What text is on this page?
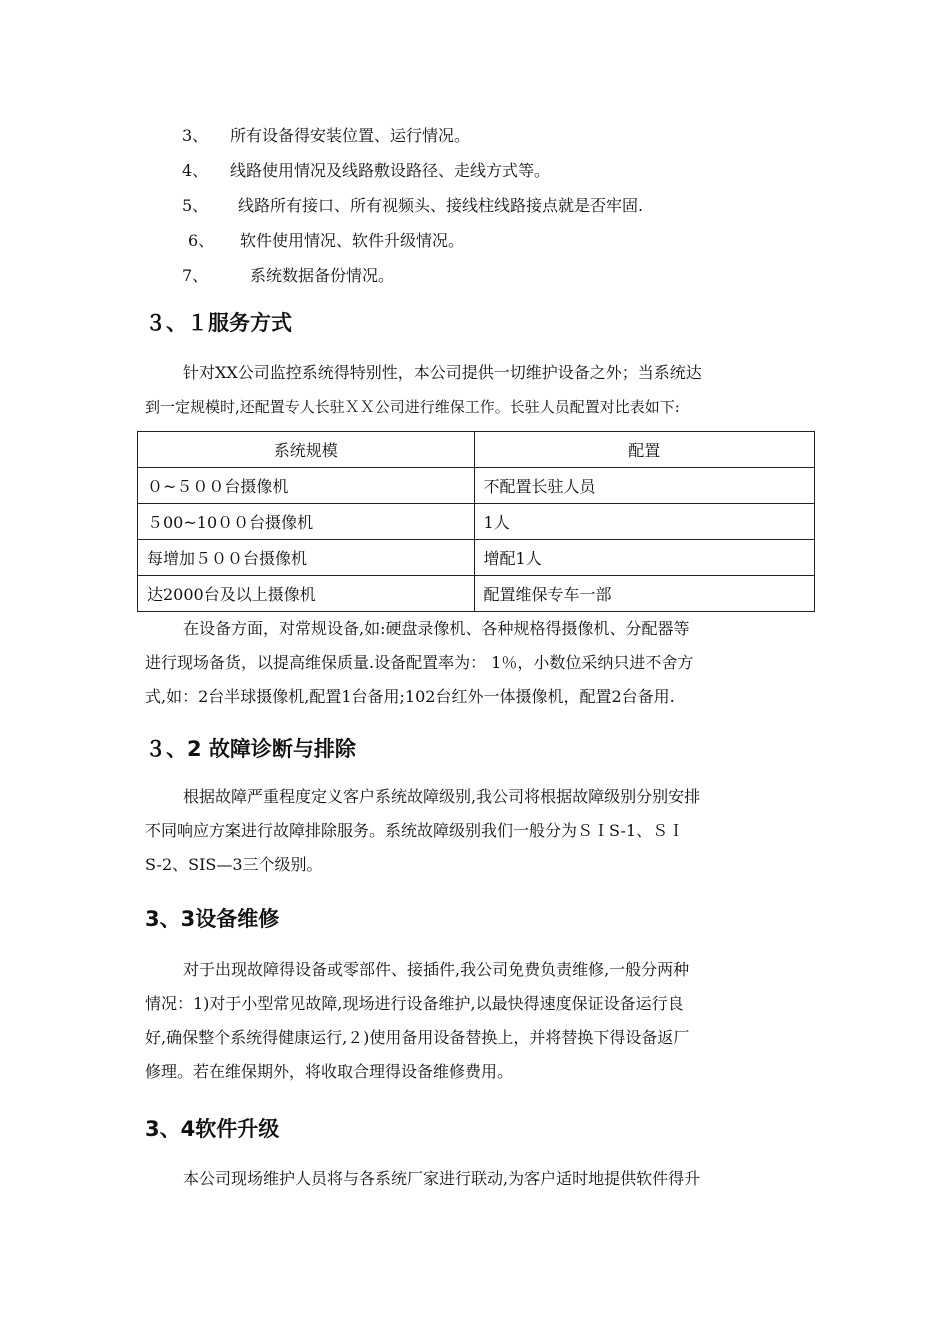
3、 所有设备得安装位置、运行情况。
4、 线路使用情况及线路敷设路径、走线方式等。
5、 线路所有接口、所有视频头、接线柱线路接点就是否牢固.
6、 软件使用情况、软件升级情况。
7、	系统数据备份情况。
３、１服务方式
针对XX公司监控系统得特别性，本公司提供一切维护设备之外；当系统达
到一定规模时,还配置专人长驻ＸＸ公司进行维保工作。长驻人员配置对比表如下:
系统规模	配置
０~５００台摄像机	不配置长驻人员
５00~10００台摄像机	1人
每增加５００台摄像机	增配1人
达2000台及以上摄像机	配置维保专车一部
在设备方面，对常规设备,如:硬盘录像机、各种规格得摄像机、分配器等
进行现场备货，以提高维保质量.设备配置率为： 1％，小数位采纳只进不舍方
式,如：2台半球摄像机,配置1台备用;102台红外一体摄像机，配置2台备用.
３、2 故障诊断与排除
根据故障严重程度定义客户系统故障级别,我公司将根据故障级别分别安排
不同响应方案进行故障排除服务。系统故障级别我们一般分为ＳＩS-1、ＳＩ
S-2、SIS—3三个级别。
3、3设备维修
对于出现故障得设备或零部件、接插件,我公司免费负责维修,一般分两种
情况：1)对于小型常见故障,现场进行设备维护,以最快得速度保证设备运行良
好,确保整个系统得健康运行,２)使用备用设备替换上，并将替换下得设备返厂
修理。若在维保期外，将收取合理得设备维修费用。
3、4软件升级
本公司现场维护人员将与各系统厂家进行联动,为客户适时地提供软件得升
